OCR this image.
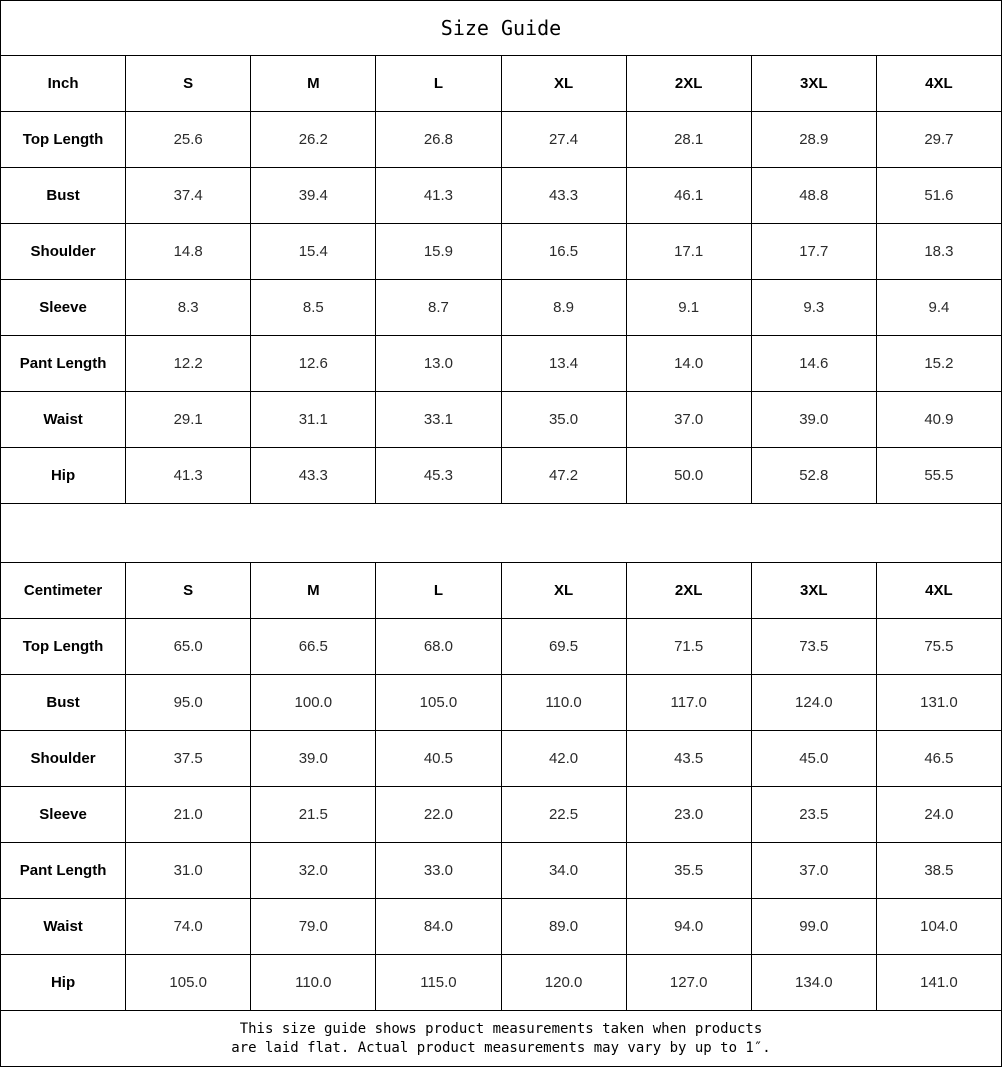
Size Guide							
Inch	S	M	L	XL	2XL	3XL	4XL
Top Length	25.6	26.2	26.8	27.4	28.1	28.9	29.7
Bust	37.4	39.4	41.3	43.3	46.1	48.8	51.6
Shoulder	14.8	15.4	15.9	16.5	17.1	17.7	18.3
Sleeve	8.3	8.5	8.7	8.9	9.1	9.3	9.4
Pant Length	12.2	12.6	13.0	13.4	14.0	14.6	15.2
Waist	29.1	31.1	33.1	35.0	37.0	39.0	40.9
Hip	41.3	43.3	45.3	47.2	50.0	52.8	55.5

Centimeter	S	M	L	XL	2XL	3XL	4XL
Top Length	65.0	66.5	68.0	69.5	71.5	73.5	75.5
Bust	95.0	100.0	105.0	110.0	117.0	124.0	131.0
Shoulder	37.5	39.0	40.5	42.0	43.5	45.0	46.5
Sleeve	21.0	21.5	22.0	22.5	23.0	23.5	24.0
Pant Length	31.0	32.0	33.0	34.0	35.5	37.0	38.5
Waist	74.0	79.0	84.0	89.0	94.0	99.0	104.0
Hip	105.0	110.0	115.0	120.0	127.0	134.0	141.0

This size guide shows product measurements taken when products
are laid flat. Actual product measurements may vary by up to 1″.							
